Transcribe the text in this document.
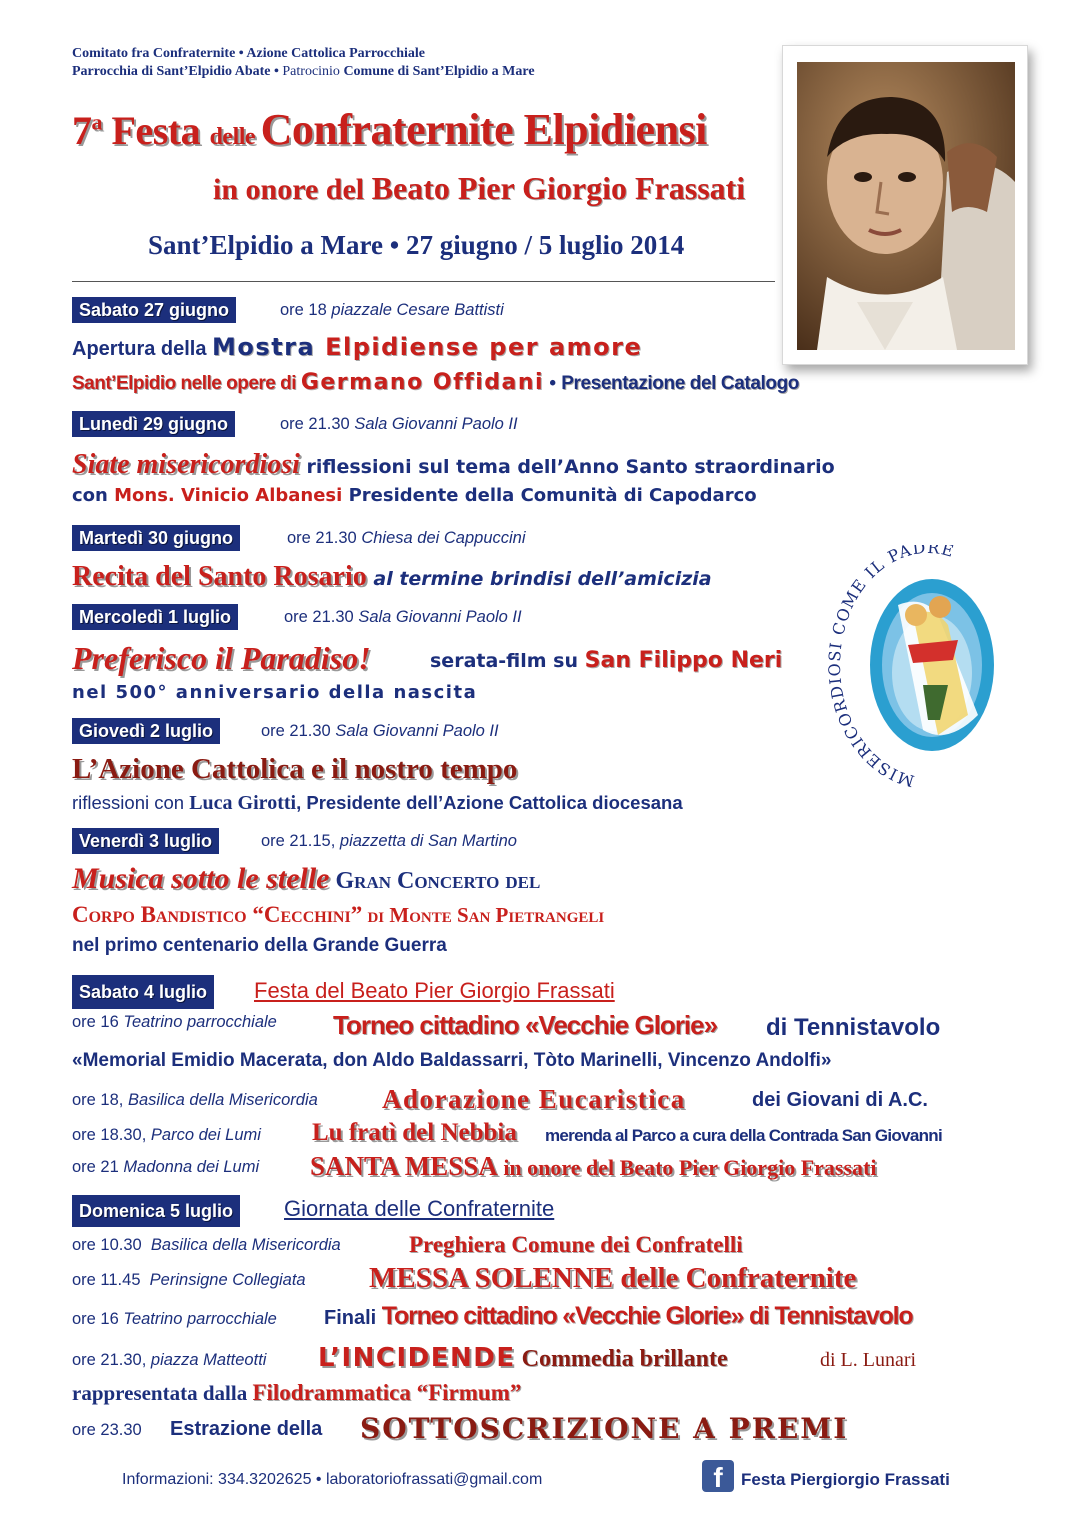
Comitato fra Confraternite • Azione Cattolica Parrocchiale
Parrocchia di Sant’Elpidio Abate • Patrocinio Comune di Sant’Elpidio a Mare
7$^a$ Festa delle Confraternite Elpidiensi
in onore del Beato Pier Giorgio Frassati
Sant’Elpidio a Mare • 27 giugno / 5 luglio 2014
Sabato 27 giugno	ore 18 piazzale Cesare Battisti
Apertura della Mostra Elpidiense per amore
Sant’Elpidio nelle opere di Germano Offidani • Presentazione del Catalogo
Lunedì 29 giugno	ore 21.30 Sala Giovanni Paolo II
Siate misericordiosi riflessioni sul tema dell’Anno Santo straordinario
con Mons. Vinicio Albanesi Presidente della Comunità di Capodarco
Martedì 30 giugno	ore 21.30 Chiesa dei Cappuccini
Recita del Santo Rosario al termine brindisi dell’amicizia
Mercoledì 1 luglio	ore 21.30 Sala Giovanni Paolo II
Preferisco il Paradiso!	serata-film su San Filippo Neri
nel 500° anniversario della nascita
Giovedì 2 luglio	ore 21.30 Sala Giovanni Paolo II
L’Azione Cattolica e il nostro tempo
riflessioni con Luca Girotti, Presidente dell’Azione Cattolica diocesana
Venerdì 3 luglio	ore 21.15, piazzetta di San Martino
Musica sotto le stelle Gran Concerto del
Corpo Bandistico “Cecchini” di Monte San Pietrangeli
nel primo centenario della Grande Guerra
Sabato 4 luglio	Festa del Beato Pier Giorgio Frassati
ore 16 Teatrino parrocchiale Torneo cittadino «Vecchie Glorie» di Tennistavolo
«Memorial Emidio Macerata, don Aldo Baldassarri, Tòto Marinelli, Vincenzo Andolfi»
ore 18, Basilica della Misericordia Adorazione Eucaristica	dei Giovani di A.C.
ore 18.30, Parco dei Lumi Lu fratì del Nebbia merenda al Parco a cura della Contrada San Giovanni
ore 21 Madonna dei Lumi SANTA MESSA in onore del Beato Pier Giorgio Frassati
Domenica 5 luglio	Giornata delle Confraternite
ore 10.30 Basilica della Misericordia	Preghiera Comune dei Confratelli
ore 11.45 Perinsigne Collegiata MESSA SOLENNE delle Confraternite
ore 16 Teatrino parrocchiale Finali Torneo cittadino «Vecchie Glorie» di Tennistavolo
ore 21.30, piazza Matteotti L’INCIDENDE Commedia brillante	di L. Lunari
rappresentata dalla Filodrammatica “Firmum”
ore 23.30 Estrazione della SOTTOSCRIZIONE A PREMI
MISERICORD COME IL PADRE
Informazioni: 334.3202625 • laboratoriofrassati@gmail.com	f	Festa Piergiorgio Frassati
